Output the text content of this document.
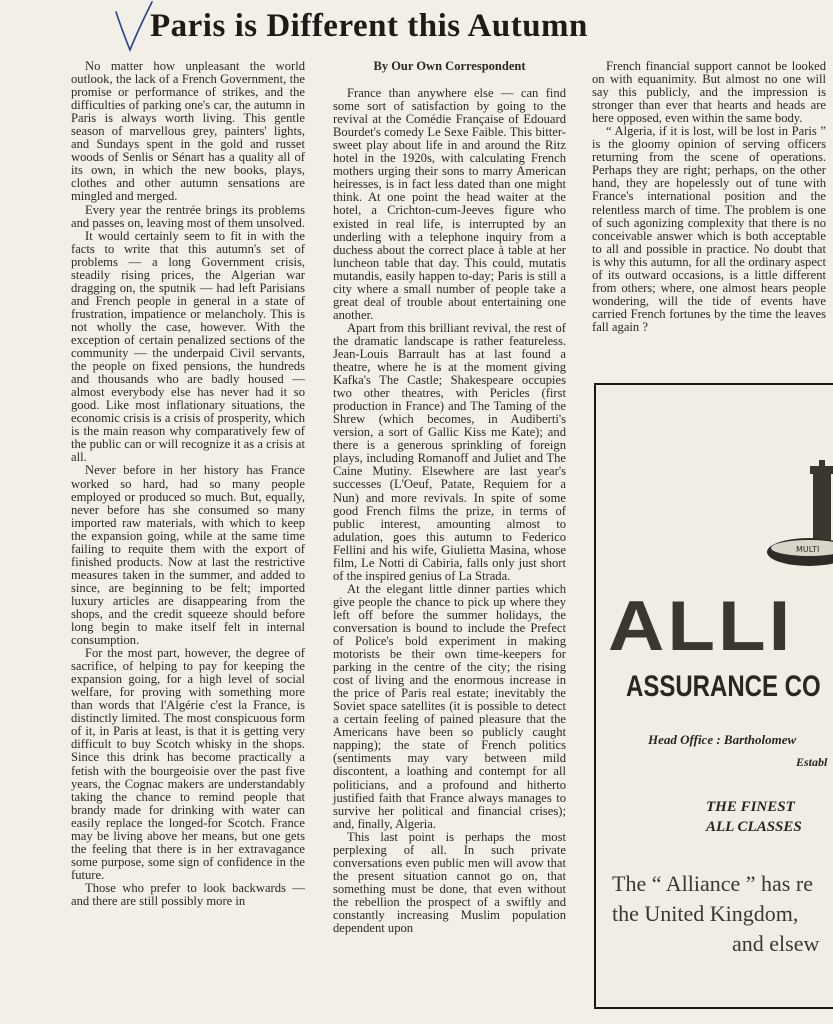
Paris is Different this Autumn

No matter how unpleasant the world outlook, the lack of a French Government, the promise or performance of strikes, and the difficulties of parking one's car, the autumn in Paris is always worth living. This gentle season of marvellous grey, painters' lights, and Sundays spent in the gold and russet woods of Senlis or Sénart has a quality all of its own, in which the new books, plays, clothes and other autumn sensations are mingled and merged.

Every year the rentrée brings its problems and passes on, leaving most of them unsolved.

It would certainly seem to fit in with the facts to write that this autumn's set of problems — a long Government crisis, steadily rising prices, the Algerian war dragging on, the sputnik — had left Parisians and French people in general in a state of frustration, impatience or melancholy. This is not wholly the case, however. With the exception of certain penalized sections of the community — the underpaid Civil servants, the people on fixed pensions, the hundreds and thousands who are badly housed — almost everybody else has never had it so good. Like most inflationary situations, the economic crisis is a crisis of prosperity, which is the main reason why comparatively few of the public can or will recognize it as a crisis at all.

Never before in her history has France worked so hard, had so many people employed or produced so much. But, equally, never before has she consumed so many imported raw materials, with which to keep the expansion going, while at the same time failing to requite them with the export of finished products. Now at last the restrictive measures taken in the summer, and added to since, are beginning to be felt; imported luxury articles are disappearing from the shops, and the credit squeeze should before long begin to make itself felt in internal consumption.

For the most part, however, the degree of sacrifice, of helping to pay for keeping the expansion going, for a high level of social welfare, for proving with something more than words that l'Algérie c'est la France, is distinctly limited. The most conspicuous form of it, in Paris at least, is that it is getting very difficult to buy Scotch whisky in the shops. Since this drink has become practically a fetish with the bourgeoisie over the past five years, the Cognac makers are understandably taking the chance to remind people that brandy made for drinking with water can easily replace the longed-for Scotch. France may be living above her means, but one gets the feeling that there is in her extravagance some purpose, some sign of confidence in the future.

Those who prefer to look backwards — and there are still possibly more in

By Our Own Correspondent

France than anywhere else — can find some sort of satisfaction by going to the revival at the Comédie Française of Edouard Bourdet's comedy Le Sexe Faible. This bitter-sweet play about life in and around the Ritz hotel in the 1920s, with calculating French mothers urging their sons to marry American heiresses, is in fact less dated than one might think. At one point the head waiter at the hotel, a Crichton-cum-Jeeves figure who existed in real life, is interrupted by an underling with a telephone inquiry from a duchess about the correct place à table at her luncheon table that day. This could, mutatis mutandis, easily happen to-day; Paris is still a city where a small number of people take a great deal of trouble about entertaining one another.

Apart from this brilliant revival, the rest of the dramatic landscape is rather featureless. Jean-Louis Barrault has at last found a theatre, where he is at the moment giving Kafka's The Castle; Shakespeare occupies two other theatres, with Pericles (first production in France) and The Taming of the Shrew (which becomes, in Audiberti's version, a sort of Gallic Kiss me Kate); and there is a generous sprinkling of foreign plays, including Romanoff and Juliet and The Caine Mutiny. Elsewhere are last year's successes (L'Oeuf, Patate, Requiem for a Nun) and more revivals. In spite of some good French films the prize, in terms of public interest, amounting almost to adulation, goes this autumn to Federico Fellini and his wife, Giulietta Masina, whose film, Le Notti di Cabiria, falls only just short of the inspired genius of La Strada.

At the elegant little dinner parties which give people the chance to pick up where they left off before the summer holidays, the conversation is bound to include the Prefect of Police's bold experiment in making motorists be their own time-keepers for parking in the centre of the city; the rising cost of living and the enormous increase in the price of Paris real estate; inevitably the Soviet space satellites (it is possible to detect a certain feeling of pained pleasure that the Americans have been so publicly caught napping); the state of French politics (sentiments may vary between mild discontent, a loathing and contempt for all politicians, and a profound and hitherto justified faith that France always manages to survive her political and financial crises); and, finally, Algeria.

This last point is perhaps the most perplexing of all. In such private conversations even public men will avow that the present situation cannot go on, that something must be done, that even without the rebellion the prospect of a swiftly and constantly increasing Muslim population dependent upon

French financial support cannot be looked on with equanimity. But almost no one will say this publicly, and the impression is stronger than ever that hearts and heads are here opposed, even within the same body.

“ Algeria, if it is lost, will be lost in Paris ” is the gloomy opinion of serving officers returning from the scene of operations. Perhaps they are right; perhaps, on the other hand, they are hopelessly out of tune with France's international position and the relentless march of time. The problem is one of such agonizing complexity that there is no conceivable answer which is both acceptable to all and possible in practice. No doubt that is why this autumn, for all the ordinary aspect of its outward occasions, is a little different from others; where, one almost hears people wondering, will the tide of events have carried French fortunes by the time the leaves fall again ?

MULTI
ALLI
ASSURANCE CO
Head Office : Bartholomew
Establ
THE FINEST
ALL CLASSES
The “ Alliance ” has re
the United Kingdom,
and elsew
